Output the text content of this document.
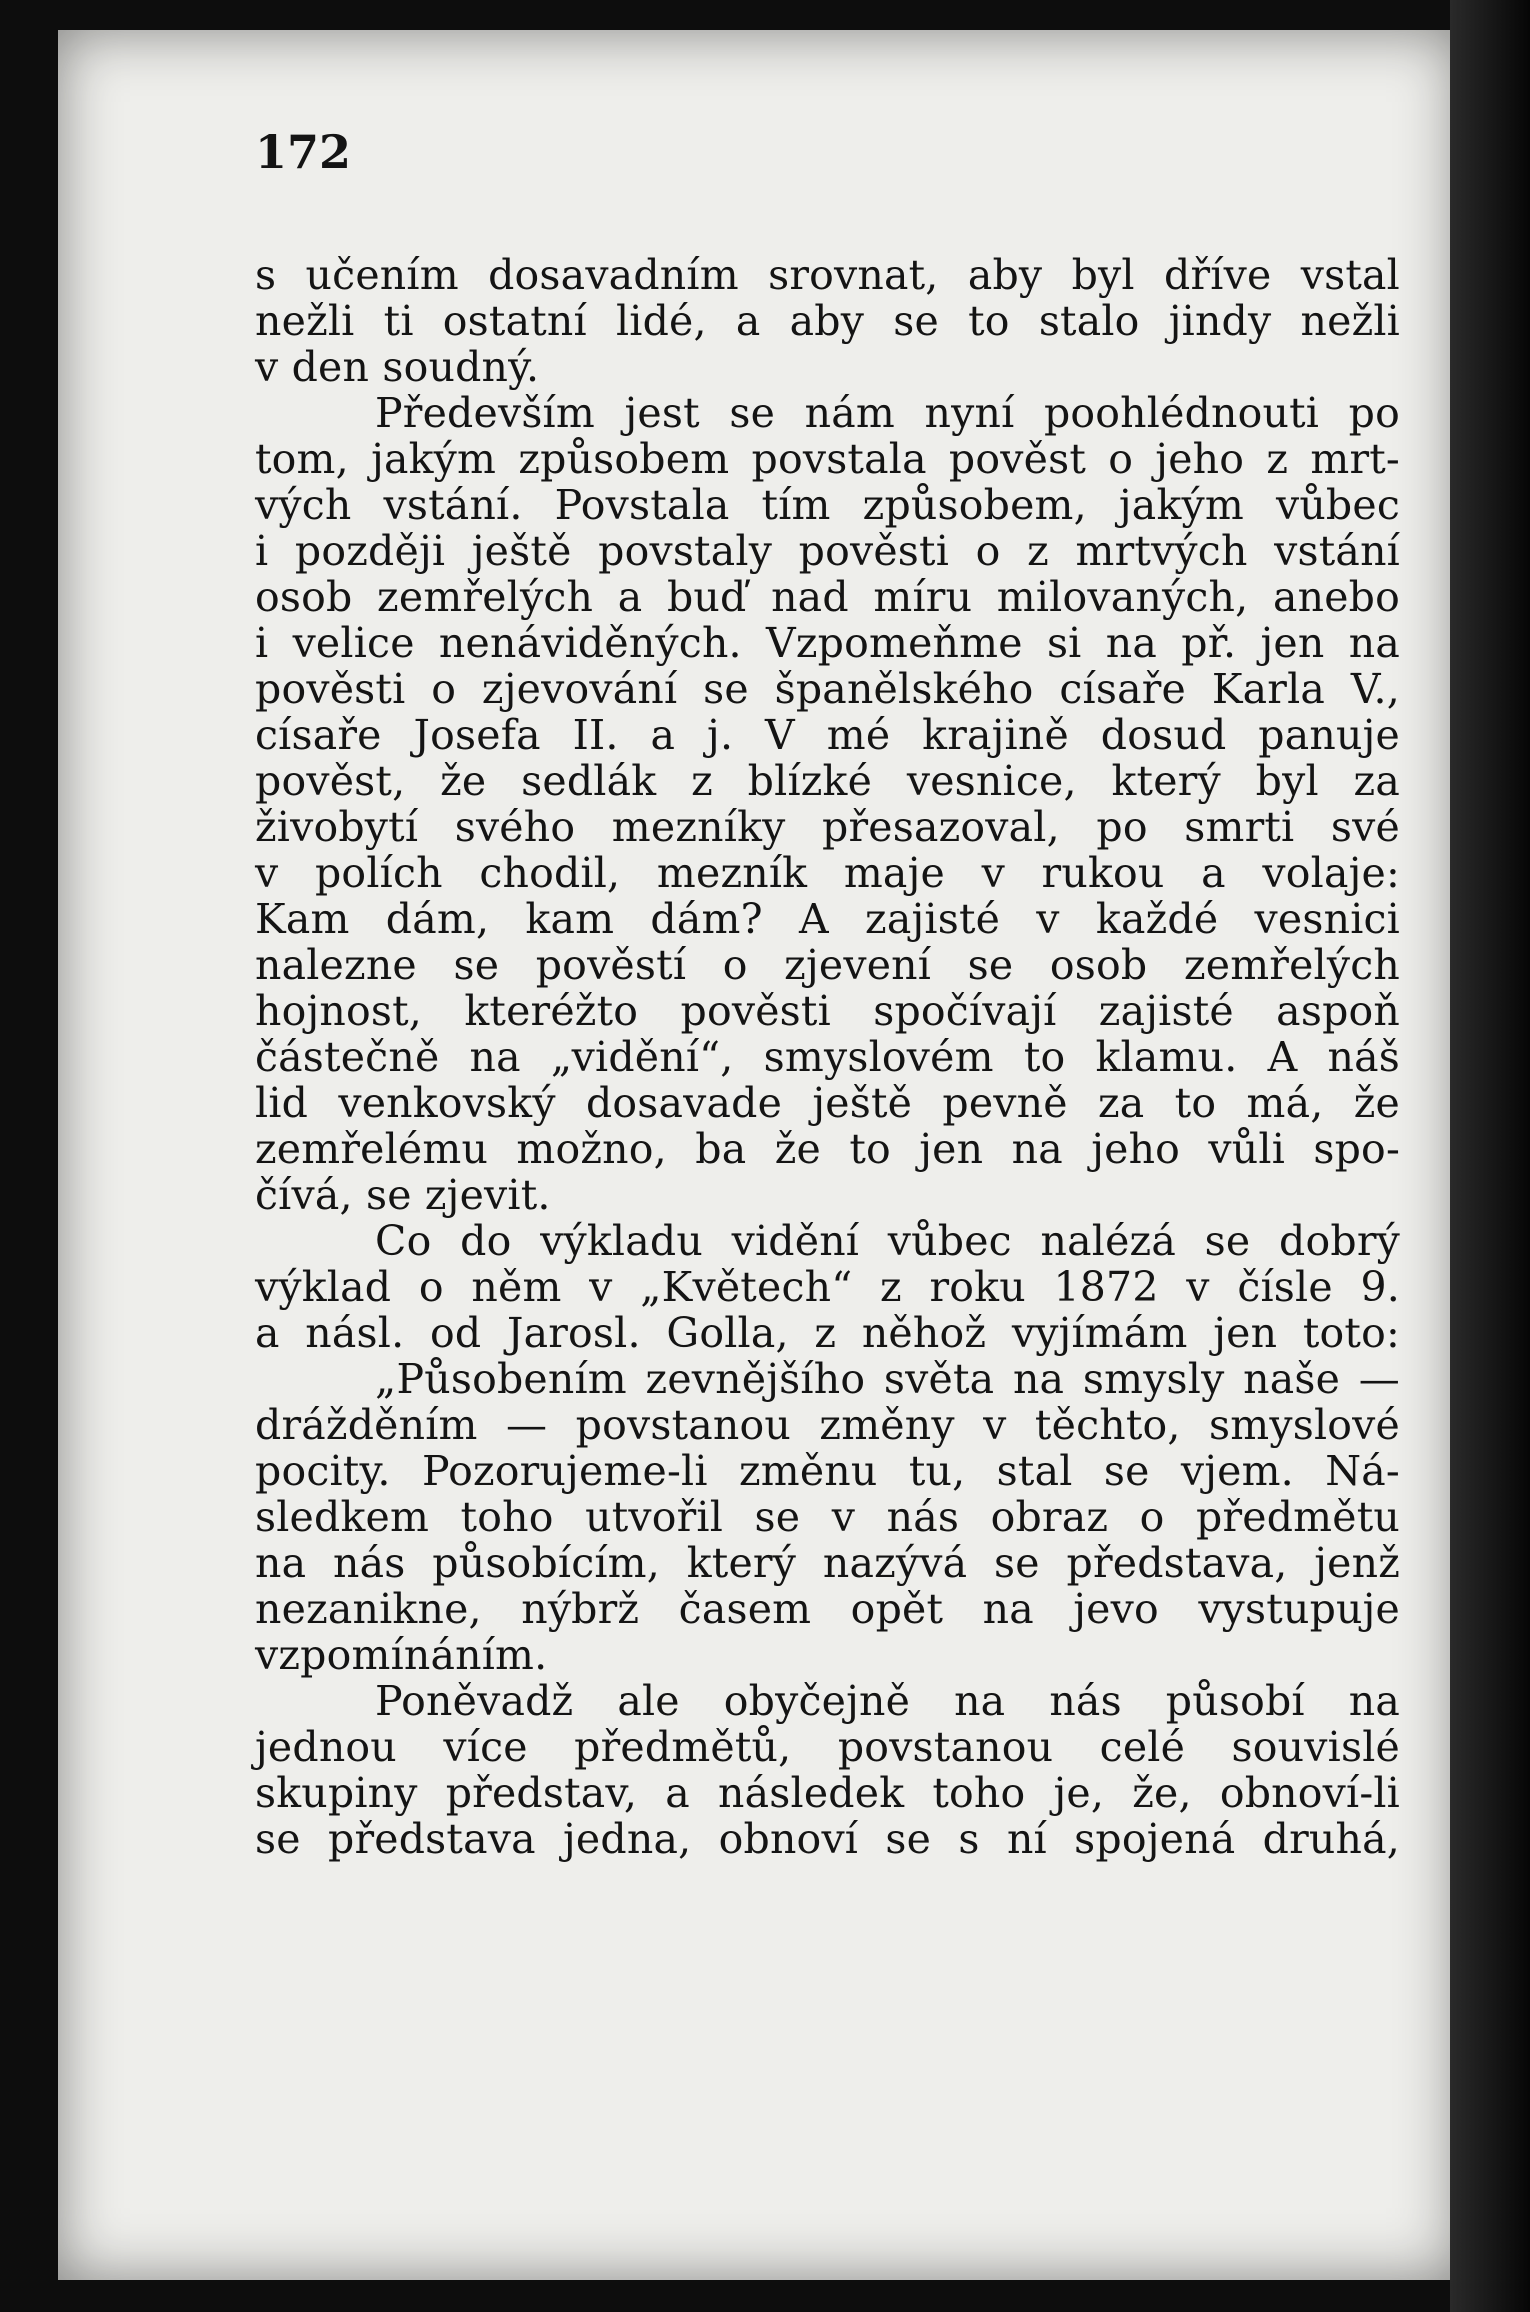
172
s učením dosavadním srovnat, aby byl dříve vstal
nežli ti ostatní lidé, a aby se to stalo jindy nežli
v den soudný.
Především jest se nám nyní poohlédnouti po
tom, jakým způsobem povstala pověst o jeho z mrt-
vých vstání. Povstala tím způsobem, jakým vůbec
i později ještě povstaly pověsti o z mrtvých vstání
osob zemřelých a buď nad míru milovaných, anebo
i velice nenáviděných. Vzpomeňme si na př. jen na
pověsti o zjevování se španělského císaře Karla V.,
císaře Josefa II. a j. V mé krajině dosud panuje
pověst, že sedlák z blízké vesnice, který byl za
živobytí svého mezníky přesazoval, po smrti své
v polích chodil, mezník maje v rukou a volaje:
Kam dám, kam dám? A zajisté v každé vesnici
nalezne se pověstí o zjevení se osob zemřelých
hojnost, kteréžto pověsti spočívají zajisté aspoň
částečně na „vidění“, smyslovém to klamu. A náš
lid venkovský dosavade ještě pevně za to má, že
zemřelému možno, ba že to jen na jeho vůli spo-
čívá, se zjevit.
Co do výkladu vidění vůbec nalézá se dobrý
výklad o něm v „Květech“ z roku 1872 v čísle 9.
a násl. od Jarosl. Golla, z něhož vyjímám jen toto:
„Působením zevnějšího světa na smysly naše —
drážděním — povstanou změny v těchto, smyslové
pocity. Pozorujeme-li změnu tu, stal se vjem. Ná-
sledkem toho utvořil se v nás obraz o předmětu
na nás působícím, který nazývá se představa, jenž
nezanikne, nýbrž časem opět na jevo vystupuje
vzpomínáním.
Poněvadž ale obyčejně na nás působí na
jednou více předmětů, povstanou celé souvislé
skupiny představ, a následek toho je, že, obnoví-li
se představa jedna, obnoví se s ní spojená druhá,
